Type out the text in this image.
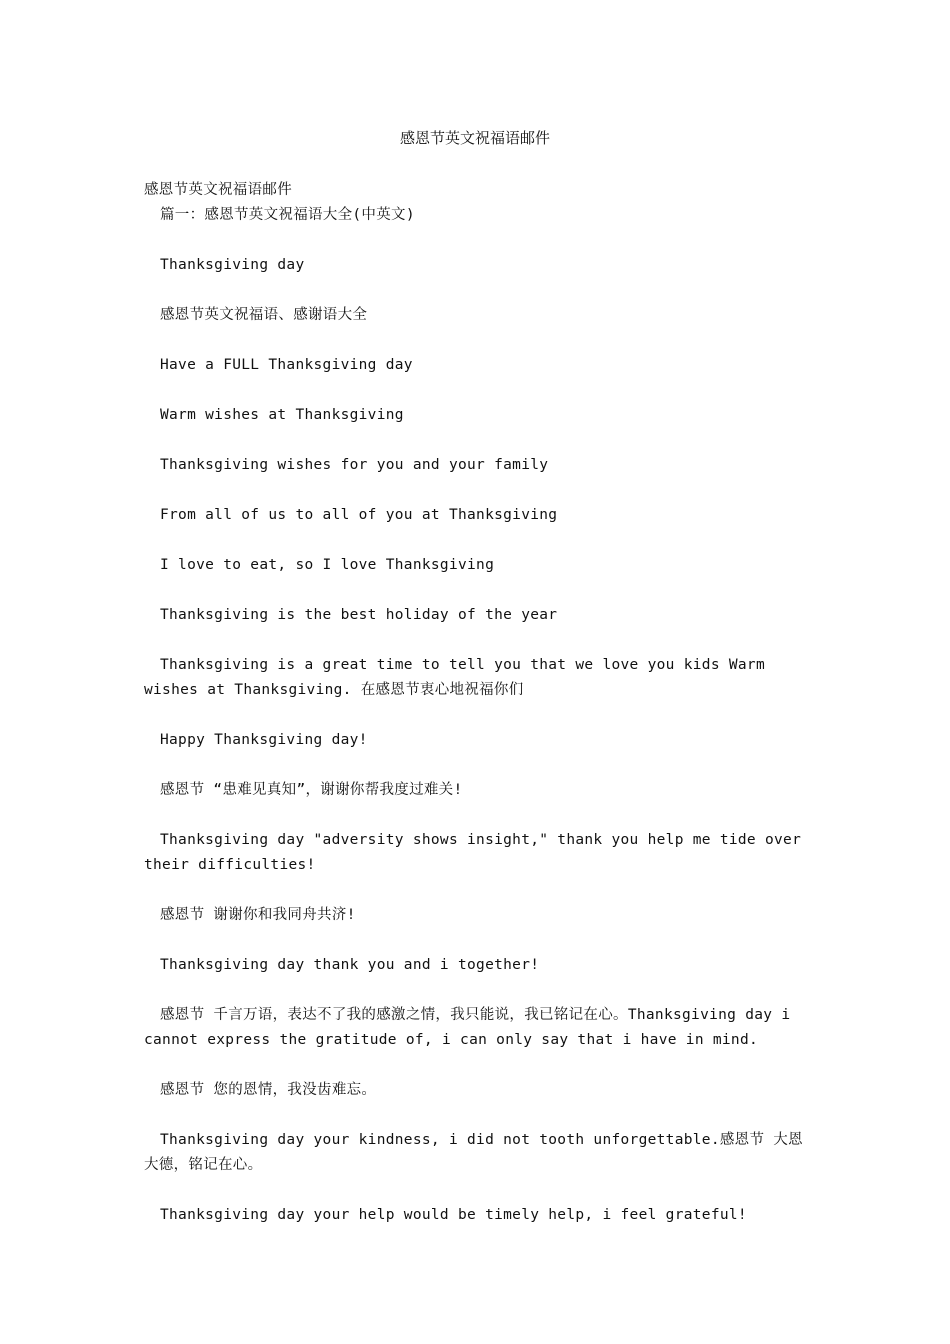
感恩节英文祝福语邮件

感恩节英文祝福语邮件

篇一：感恩节英文祝福语大全(中英文)

Thanksgiving day

感恩节英文祝福语、感谢语大全

Have a FULL Thanksgiving day

Warm wishes at Thanksgiving

Thanksgiving wishes for you and your family

From all of us to all of you at Thanksgiving

I love to eat, so I love Thanksgiving

Thanksgiving is the best holiday of the year

Thanksgiving is a great time to tell you that we love you kids Warm wishes at Thanksgiving. 在感恩节衷心地祝福你们

Happy Thanksgiving day!

感恩节 “患难见真知”，谢谢你帮我度过难关!

Thanksgiving day "adversity shows insight," thank you help me tide over their difficulties!

感恩节 谢谢你和我同舟共济!

Thanksgiving day thank you and i together!

感恩节 千言万语，表达不了我的感激之情，我只能说，我已铭记在心。Thanksgiving day i cannot express the gratitude of, i can only say that i have in mind.

感恩节 您的恩情，我没齿难忘。

Thanksgiving day your kindness, i did not tooth unforgettable.感恩节 大恩大德，铭记在心。

Thanksgiving day your help would be timely help, i feel grateful!
